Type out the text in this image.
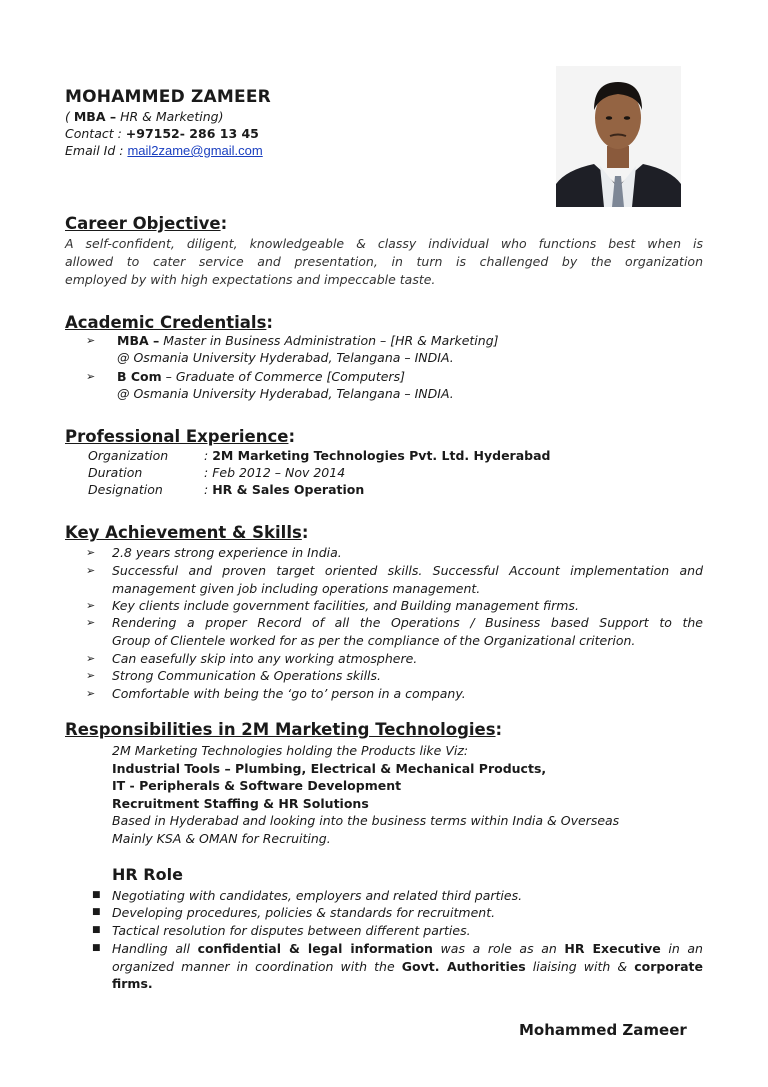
MOHAMMED ZAMEER
( MBA – HR & Marketing)
Contact : +97152- 286 13 45
Email Id : mail2zame@gmail.com
Career Objective:
A self-confident, diligent, knowledgeable & classy individual who functions best when is
allowed to cater service and presentation, in turn is challenged by the organization
employed by with high expectations and impeccable taste.
Academic Credentials:
➢ MBA – Master in Business Administration – [HR & Marketing]
@ Osmania University Hyderabad, Telangana – INDIA.
➢ B Com – Graduate of Commerce [Computers]
@ Osmania University Hyderabad, Telangana – INDIA.
Professional Experience:
Organization	: 2M Marketing Technologies Pvt. Ltd. Hyderabad
Duration	: Feb 2012 – Nov 2014
Designation	: HR & Sales Operation
Key Achievement & Skills:
➢ 2.8 years strong experience in India.
➢ Successful and proven target oriented skills. Successful Account implementation and
management given job including operations management.
➢ Key clients include government facilities, and Building management firms.
➢ Rendering a proper Record of all the Operations / Business based Support to the
Group of Clientele worked for as per the compliance of the Organizational criterion.
➢ Can easefully skip into any working atmosphere.
➢ Strong Communication & Operations skills.
➢ Comfortable with being the ‘go to’ person in a company.
Responsibilities in 2M Marketing Technologies:
2M Marketing Technologies holding the Products like Viz:
Industrial Tools – Plumbing, Electrical & Mechanical Products,
IT - Peripherals & Software Development
Recruitment Staffing & HR Solutions
Based in Hyderabad and looking into the business terms within India & Overseas
Mainly KSA & OMAN for Recruiting.
HR Role
■ Negotiating with candidates, employers and related third parties.
■ Developing procedures, policies & standards for recruitment.
■ Tactical resolution for disputes between different parties.
■ Handling all confidential & legal information was a role as an HR Executive in an
organized manner in coordination with the Govt. Authorities liaising with & corporate
firms.
Mohammed Zameer
